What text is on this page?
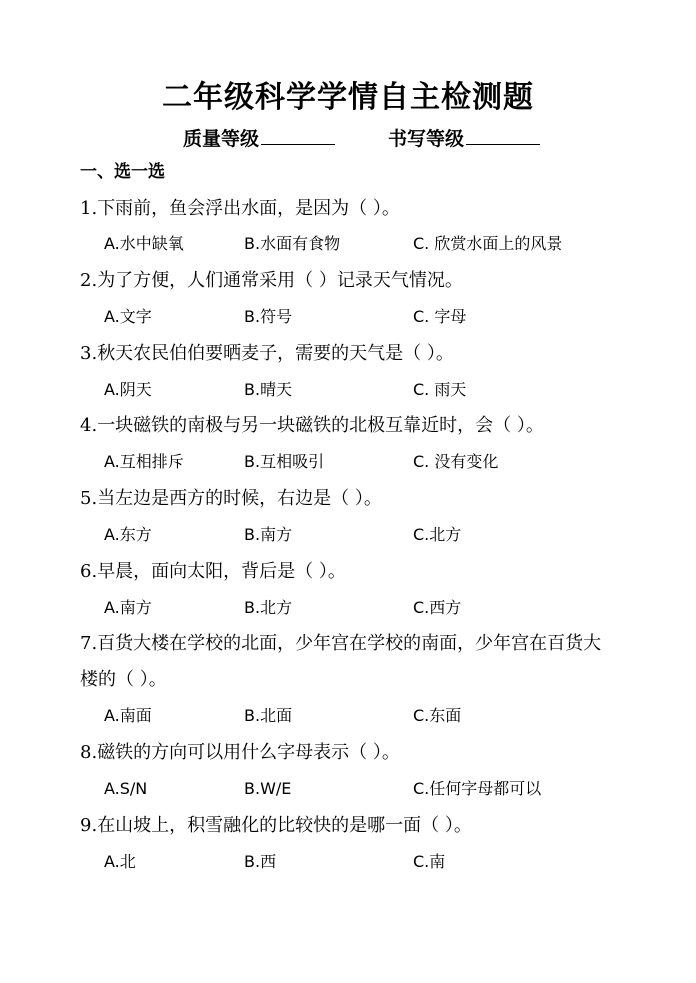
二年级科学学情自主检测题
质量等级	书写等级
一、选一选
1.下雨前，鱼会浮出水面，是因为（ ）。
A.水中缺氧	B.水面有食物	C. 欣赏水面上的风景
2.为了方便，人们通常采用（ ）记录天气情况。
A.文字	B.符号	C. 字母
3.秋天农民伯伯要晒麦子，需要的天气是（ ）。
A.阴天	B.晴天	C. 雨天
4.一块磁铁的南极与另一块磁铁的北极互靠近时，会（ ）。
A.互相排斥	B.互相吸引	C. 没有变化
5.当左边是西方的时候，右边是（ ）。
A.东方	B.南方	C.北方
6.早晨，面向太阳，背后是（ ）。
A.南方	B.北方	C.西方
7.百货大楼在学校的北面，少年宫在学校的南面，少年宫在百货大
楼的（ ）。
A.南面	B.北面	C.东面
8.磁铁的方向可以用什么字母表示（ ）。
A.S/N	B.W/E	C.任何字母都可以
9.在山坡上，积雪融化的比较快的是哪一面（ ）。
A.北	B.西	C.南
